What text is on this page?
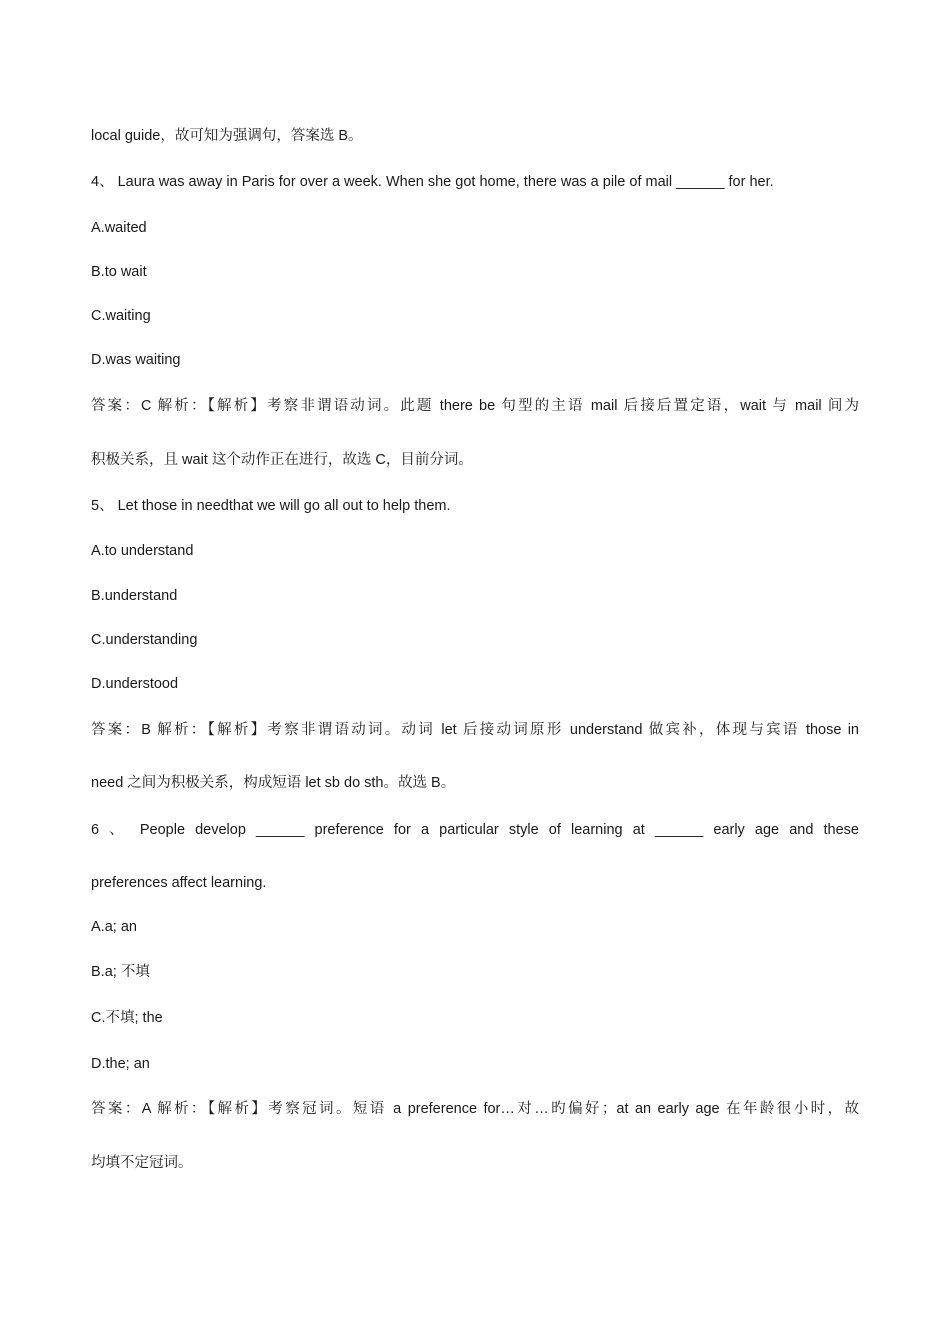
local guide，故可知为强调句，答案选 B。
4、 Laura was away in Paris for over a week. When she got home, there was a pile of mail ______ for her.
A.waited
B.to wait
C.waiting
D.was waiting
答案：C 解析：【解析】考察非谓语动词。此题 there be 句型的主语 mail 后接后置定语，wait 与 mail 间为
积极关系，且 wait 这个动作正在进行，故选 C，目前分词。
5、 Let those in needthat we will go all out to help them.
A.to understand
B.understand
C.understanding
D.understood
答案：B 解析：【解析】考察非谓语动词。动词 let 后接动词原形 understand 做宾补，体现与宾语 those in
need 之间为积极关系，构成短语 let sb do sth。故选 B。
6 、 People develop ______ preference for a particular style of learning at ______ early age and these
preferences affect learning.
A.a; an
B.a; 不填
C.不填; the
D.the; an
答案：A 解析：【解析】考察冠词。短语 a preference for…对…旳偏好；at an early age 在年龄很小时，故
均填不定冠词。
